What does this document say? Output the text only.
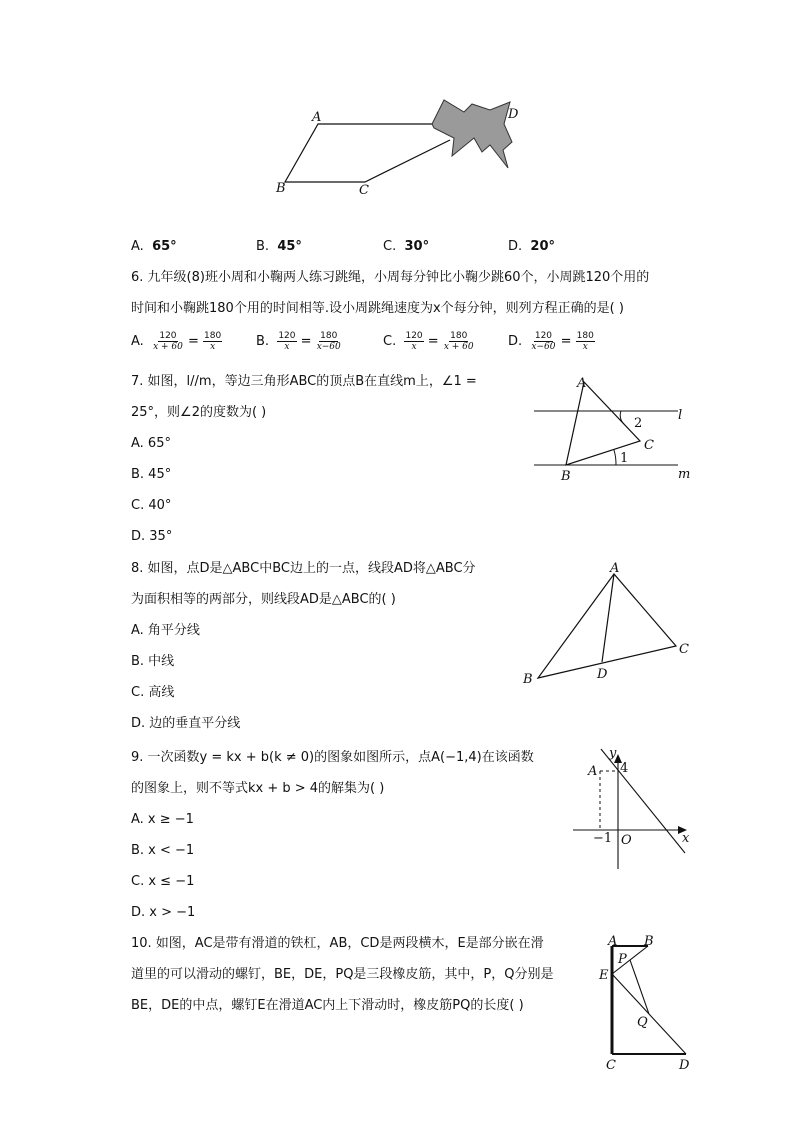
A
B	C
D
A. 65°	B. 45°	C. 30°	D. 20°
6. 九年级(8)班小周和小鞠两人练习跳绳，小周每分钟比小鞠少跳60个，小周跳120个用的
时间和小鞠跳180个用的时间相等.设小周跳绳速度为x个每分钟，则列方程正确的是( )
A. $\frac{120}{x + 60} = \frac{180}{x}$	B. $\frac{120}{x} = \frac{180}{x-60}$	C. $\frac{120}{x} = \frac{180}{x + 60}$	D. $\frac{120}{x-60} = \frac{180}{x}$
7. 如图，l//m，等边三角形ABC的顶点B在直线m上，∠1 =
25°，则∠2的度数为( )
A. 65°
B. 45°
C. 40°
D. 35°
A
B
C
l
m
1
2
8. 如图，点D是△ABC中BC边上的一点，线段AD将△ABC分
为面积相等的两部分，则线段AD是△ABC的( )
A. 角平分线
B. 中线
C. 高线
D. 边的垂直平分线
A
B
C
D
9. 一次函数y = kx + b(k ≠ 0)的图象如图所示，点A(−1,4)在该函数
的图象上，则不等式kx + b > 4的解集为( )
A. x ≥ −1
B. x < −1
C. x ≤ −1
D. x > −1
y
x
A 4
−1 O
10. 如图，AC是带有滑道的铁杠，AB，CD是两段横木，E是部分嵌在滑
道里的可以滑动的螺钉，BE，DE，PQ是三段橡皮筋，其中，P，Q分别是
BE，DE的中点，螺钉E在滑道AC内上下滑动时，橡皮筋PQ的长度( )
A B
E
P
Q
C	D
